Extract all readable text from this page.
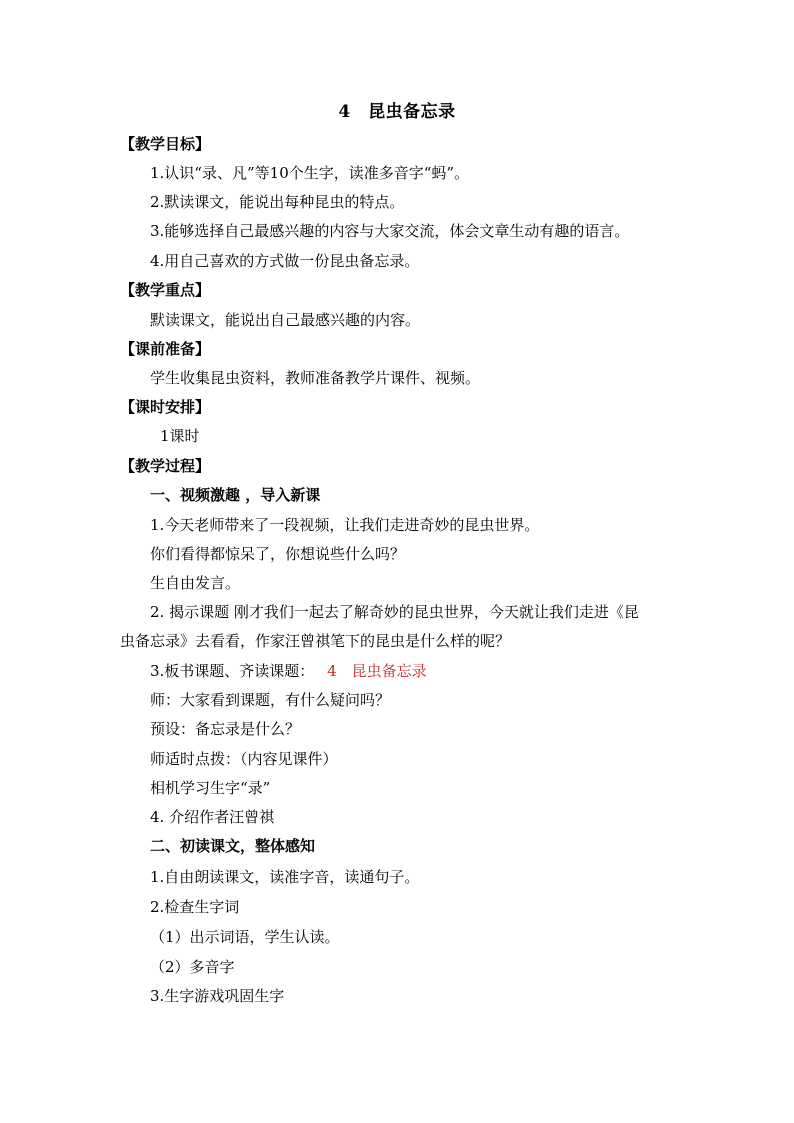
4　昆虫备忘录
【教学目标】
1.认识“录、凡”等10个生字，读准多音字“蚂”。
2.默读课文，能说出每种昆虫的特点。
3.能够选择自己最感兴趣的内容与大家交流，体会文章生动有趣的语言。
4.用自己喜欢的方式做一份昆虫备忘录。
【教学重点】
默读课文，能说出自己最感兴趣的内容。
【课前准备】
学生收集昆虫资料，教师准备教学片课件、视频。
【课时安排】
1课时
【教学过程】
一、视频激趣 ，导入新课
1.今天老师带来了一段视频，让我们走进奇妙的昆虫世界。
你们看得都惊呆了，你想说些什么吗？
生自由发言。
2. 揭示课题 刚才我们一起去了解奇妙的昆虫世界，今天就让我们走进《昆
虫备忘录》去看看，作家汪曾祺笔下的昆虫是什么样的呢？
3.板书课题、齐读课题： 4　昆虫备忘录
师：大家看到课题，有什么疑问吗？
预设：备忘录是什么？
师适时点拨：（内容见课件）
相机学习生字“录”
4. 介绍作者汪曾祺
二、初读课文，整体感知
1.自由朗读课文，读准字音，读通句子。
2.检查生字词
（1）出示词语，学生认读。
（2）多音字
3.生字游戏巩固生字
